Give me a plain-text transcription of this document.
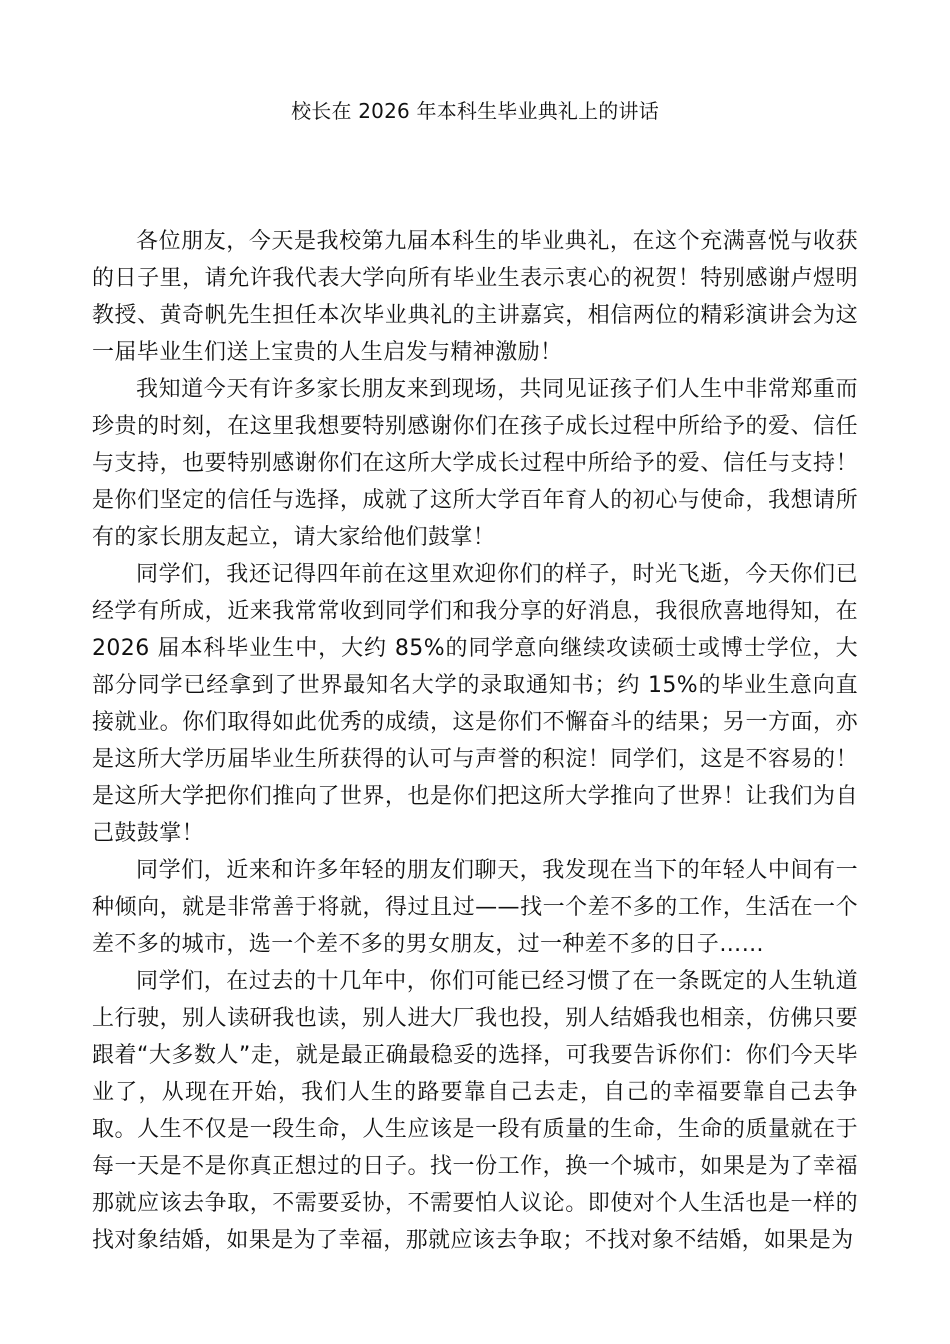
校长在 2026 年本科生毕业典礼上的讲话

各位朋友，今天是我校第九届本科生的毕业典礼，在这个充满喜悦与收获的日子里，请允许我代表大学向所有毕业生表示衷心的祝贺！特别感谢卢煜明教授、黄奇帆先生担任本次毕业典礼的主讲嘉宾，相信两位的精彩演讲会为这一届毕业生们送上宝贵的人生启发与精神激励！

我知道今天有许多家长朋友来到现场，共同见证孩子们人生中非常郑重而珍贵的时刻，在这里我想要特别感谢你们在孩子成长过程中所给予的爱、信任与支持，也要特别感谢你们在这所大学成长过程中所给予的爱、信任与支持！是你们坚定的信任与选择，成就了这所大学百年育人的初心与使命，我想请所有的家长朋友起立，请大家给他们鼓掌！

同学们，我还记得四年前在这里欢迎你们的样子，时光飞逝，今天你们已经学有所成，近来我常常收到同学们和我分享的好消息，我很欣喜地得知，在 2026 届本科毕业生中，大约 85%的同学意向继续攻读硕士或博士学位，大部分同学已经拿到了世界最知名大学的录取通知书；约 15%的毕业生意向直接就业。你们取得如此优秀的成绩，这是你们不懈奋斗的结果；另一方面，亦是这所大学历届毕业生所获得的认可与声誉的积淀！同学们，这是不容易的！是这所大学把你们推向了世界，也是你们把这所大学推向了世界！让我们为自己鼓鼓掌！

同学们，近来和许多年轻的朋友们聊天，我发现在当下的年轻人中间有一种倾向，就是非常善于将就，得过且过——找一个差不多的工作，生活在一个差不多的城市，选一个差不多的男女朋友，过一种差不多的日子……

同学们，在过去的十几年中，你们可能已经习惯了在一条既定的人生轨道上行驶，别人读研我也读，别人进大厂我也投，别人结婚我也相亲，仿佛只要跟着“大多数人”走，就是最正确最稳妥的选择，可我要告诉你们：你们今天毕业了，从现在开始，我们人生的路要靠自己去走，自己的幸福要靠自己去争取。人生不仅是一段生命，人生应该是一段有质量的生命，生命的质量就在于每一天是不是你真正想过的日子。找一份工作，换一个城市，如果是为了幸福那就应该去争取，不需要妥协，不需要怕人议论。即使对个人生活也是一样的找对象结婚，如果是为了幸福，那就应该去争取；不找对象不结婚，如果是为
